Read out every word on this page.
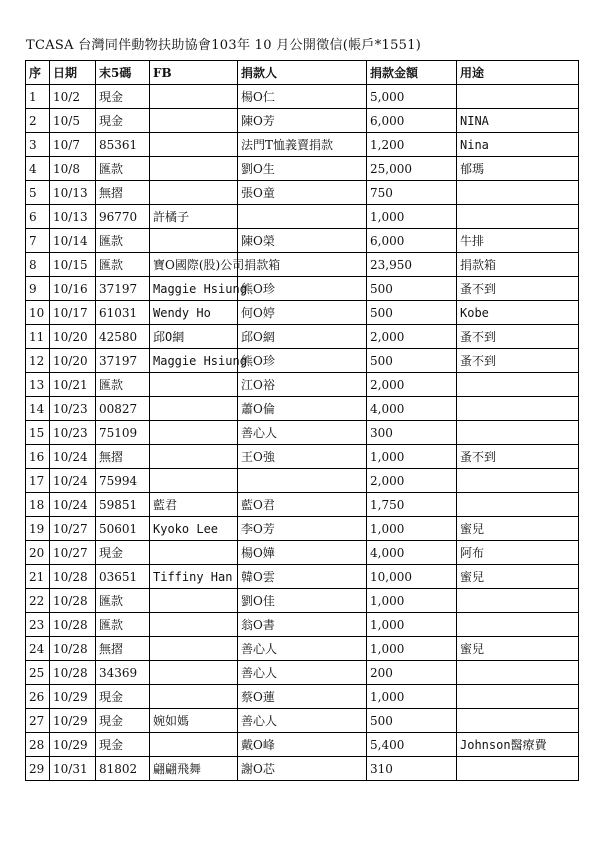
TCASA 台灣同伴動物扶助協會103年 10 月公開徵信(帳戶*1551)
序	日期	末5碼	FB	捐款人	捐款金額	用途
1	10/2	現金		楊O仁	5,000	
2	10/5	現金		陳O芳	6,000	NINA
3	10/7	85361		法門T恤義賣捐款	1,200	Nina
4	10/8	匯款		劉O生	25,000	郁瑪
5	10/13	無摺		張O童	750	
6	10/13	96770	許橘子		1,000	
7	10/14	匯款		陳O榮	6,000	牛排
8	10/15	匯款		寶O國際(股)公司捐款箱	23,950	捐款箱
9	10/16	37197	Maggie Hsiung	熊O珍	500	蚤不到
10	10/17	61031	Wendy Ho	何O婷	500	Kobe
11	10/20	42580	邱O網	邱O網	2,000	蚤不到
12	10/20	37197	Maggie Hsiung	熊O珍	500	蚤不到
13	10/21	匯款		江O裕	2,000	
14	10/23	00827		蕭O倫	4,000	
15	10/23	75109		善心人	300	
16	10/24	無摺		王O強	1,000	蚤不到
17	10/24	75994			2,000	
18	10/24	59851	藍君	藍O君	1,750	
19	10/27	50601	Kyoko Lee	李O芳	1,000	蜜兒
20	10/27	現金		楊O嬅	4,000	阿布
21	10/28	03651	Tiffiny Han	韓O雲	10,000	蜜兒
22	10/28	匯款		劉O佳	1,000	
23	10/28	匯款		翁O書	1,000	
24	10/28	無摺		善心人	1,000	蜜兒
25	10/28	34369		善心人	200	
26	10/29	現金		蔡O蓮	1,000	
27	10/29	現金	婉如媽	善心人	500	
28	10/29	現金		戴O峰	5,400	Johnson醫療費
29	10/31	81802	翩翩飛舞	謝O芯	310	
